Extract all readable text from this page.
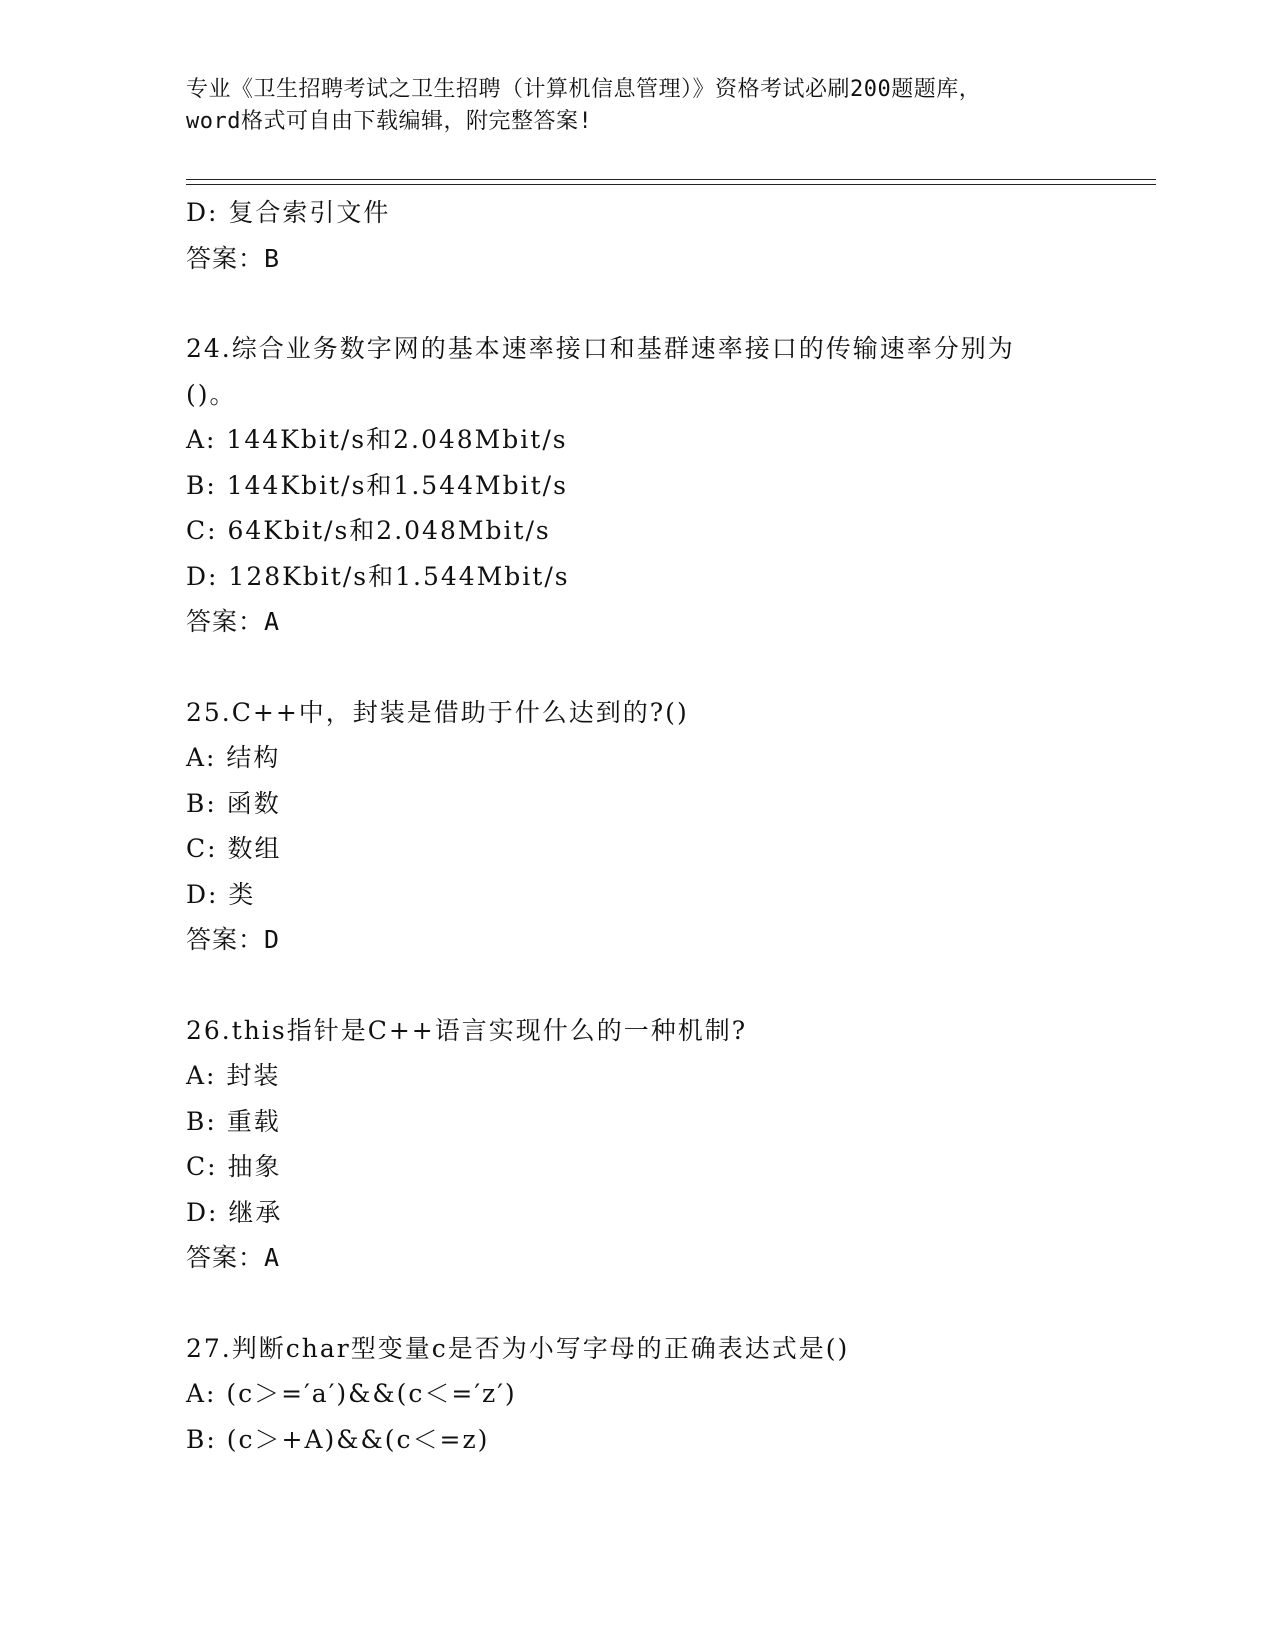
专业《卫生招聘考试之卫生招聘（计算机信息管理）》资格考试必刷200题题库，
word格式可自由下载编辑，附完整答案!
D: 复合索引文件
答案：B
24.综合业务数字网的基本速率接口和基群速率接口的传输速率分别为
()。
A: 144Kbit/s和2.048Mbit/s
B: 144Kbit/s和1.544Mbit/s
C: 64Kbit/s和2.048Mbit/s
D: 128Kbit/s和1.544Mbit/s
答案：A
25.C++中，封装是借助于什么达到的?()
A: 结构
B: 函数
C: 数组
D: 类
答案：D
26.this指针是C++语言实现什么的一种机制?
A: 封装
B: 重载
C: 抽象
D: 继承
答案：A
27.判断char型变量c是否为小写字母的正确表达式是()
A: (c＞=′a′)&&(c＜=′z′)
B: (c＞+A)&&(c＜=z)
